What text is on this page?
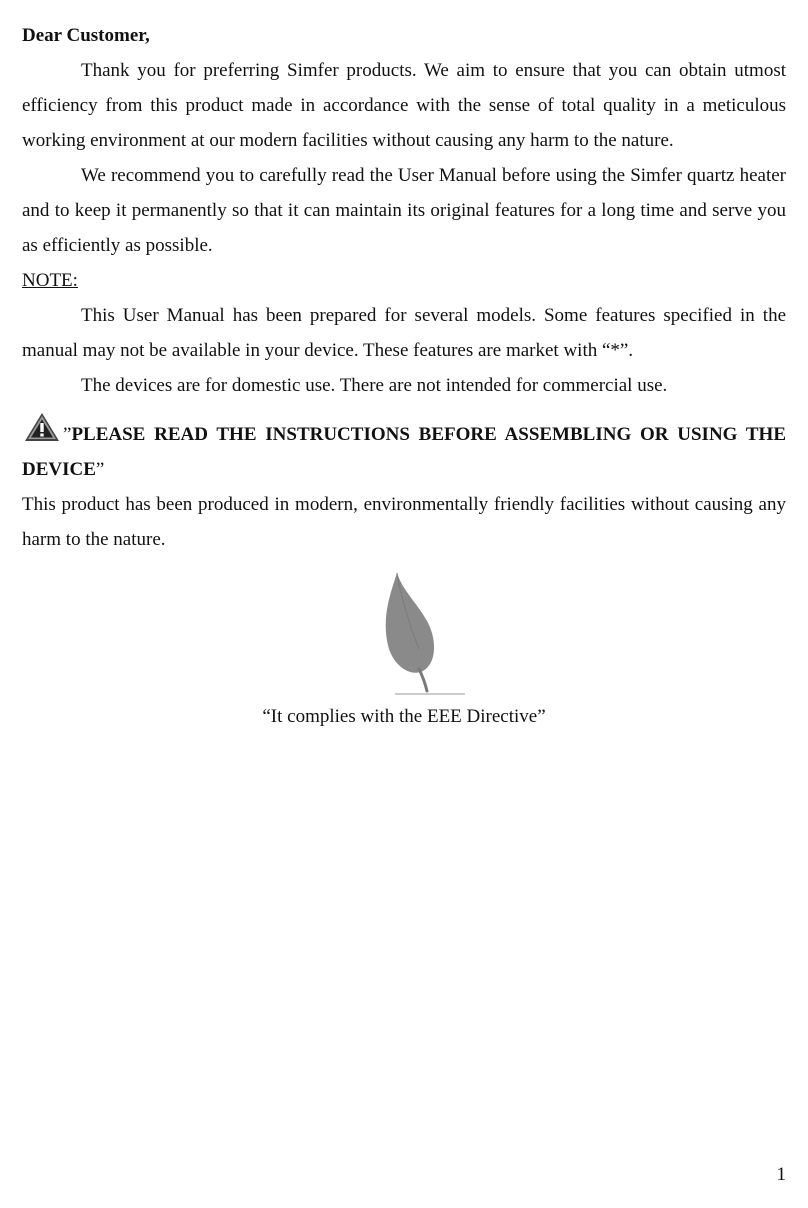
Dear Customer,

Thank you for preferring Simfer products. We aim to ensure that you can obtain utmost efficiency from this product made in accordance with the sense of total quality in a meticulous working environment at our modern facilities without causing any harm to the nature.

We recommend you to carefully read the User Manual before using the Simfer quartz heater and to keep it permanently so that it can maintain its original features for a long time and serve you as efficiently as possible.

NOTE:

This User Manual has been prepared for several models. Some features specified in the manual may not be available in your device. These features are market with “*”.

The devices are for domestic use. There are not intended for commercial use.

”PLEASE READ THE INSTRUCTIONS BEFORE ASSEMBLING OR USING THE DEVICE”

This product has been produced in modern, environmentally friendly facilities without causing any harm to the nature.

“It complies with the EEE Directive”

1
